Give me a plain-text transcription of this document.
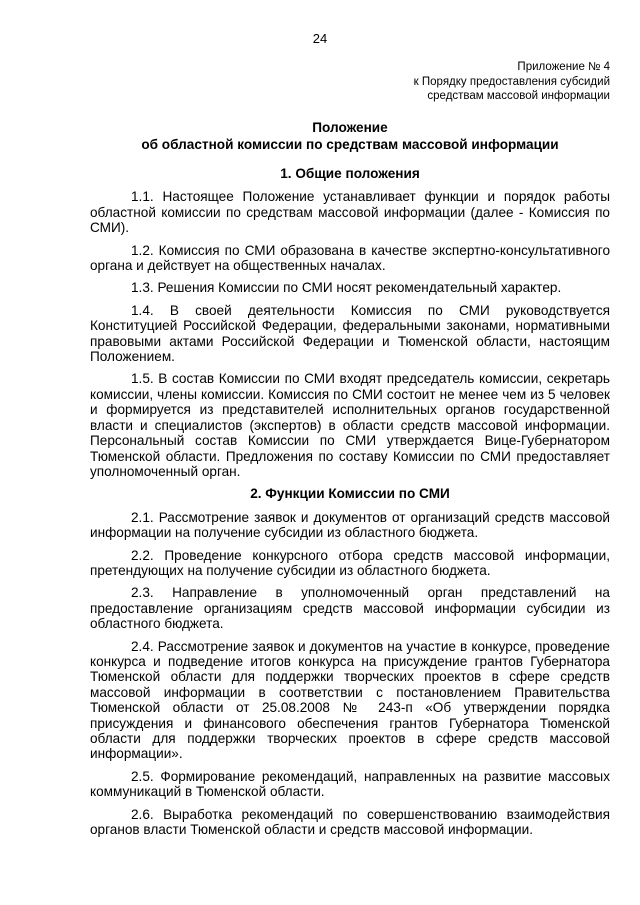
24
Приложение № 4
к Порядку предоставления субсидий
средствам массовой информации
Положение
об областной комиссии по средствам массовой информации
1. Общие положения

1.1. Настоящее Положение устанавливает функции и порядок работы областной комиссии по средствам массовой информации (далее - Комиссия по СМИ).

1.2. Комиссия по СМИ образована в качестве экспертно-консультативного органа и действует на общественных началах.

1.3. Решения Комиссии по СМИ носят рекомендательный характер.

1.4. В своей деятельности Комиссия по СМИ руководствуется Конституцией Российской Федерации, федеральными законами, нормативными правовыми актами Российской Федерации и Тюменской области, настоящим Положением.

1.5. В состав Комиссии по СМИ входят председатель комиссии, секретарь комиссии, члены комиссии. Комиссия по СМИ состоит не менее чем из 5 человек и формируется из представителей исполнительных органов государственной власти и специалистов (экспертов) в области средств массовой информации. Персональный состав Комиссии по СМИ утверждается Вице-Губернатором Тюменской области. Предложения по составу Комиссии по СМИ предоставляет уполномоченный орган.

2. Функции Комиссии по СМИ

2.1. Рассмотрение заявок и документов от организаций средств массовой информации на получение субсидии из областного бюджета.

2.2. Проведение конкурсного отбора средств массовой информации, претендующих на получение субсидии из областного бюджета.

2.3. Направление в уполномоченный орган представлений на предоставление организациям средств массовой информации субсидии из областного бюджета.

2.4. Рассмотрение заявок и документов на участие в конкурсе, проведение конкурса и подведение итогов конкурса на присуждение грантов Губернатора Тюменской области для поддержки творческих проектов в сфере средств массовой информации в соответствии с постановлением Правительства Тюменской области от 25.08.2008 № 243-п «Об утверждении порядка присуждения и финансового обеспечения грантов Губернатора Тюменской области для поддержки творческих проектов в сфере средств массовой информации».

2.5. Формирование рекомендаций, направленных на развитие массовых коммуникаций в Тюменской области.

2.6. Выработка рекомендаций по совершенствованию взаимодействия органов власти Тюменской области и средств массовой информации.
